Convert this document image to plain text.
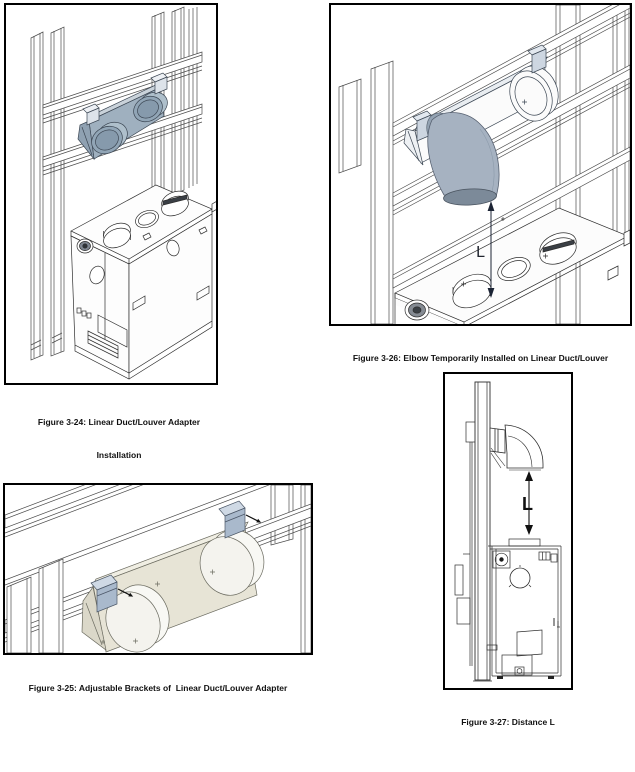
Figure 3-24: Linear Duct/Louver Adapter

Installation

L

Figure 3-26: Elbow Temporarily Installed on Linear Duct/Louver

Figure 3-25: Adjustable Brackets of  Linear Duct/Louver Adapter

L

Figure 3-27: Distance L
